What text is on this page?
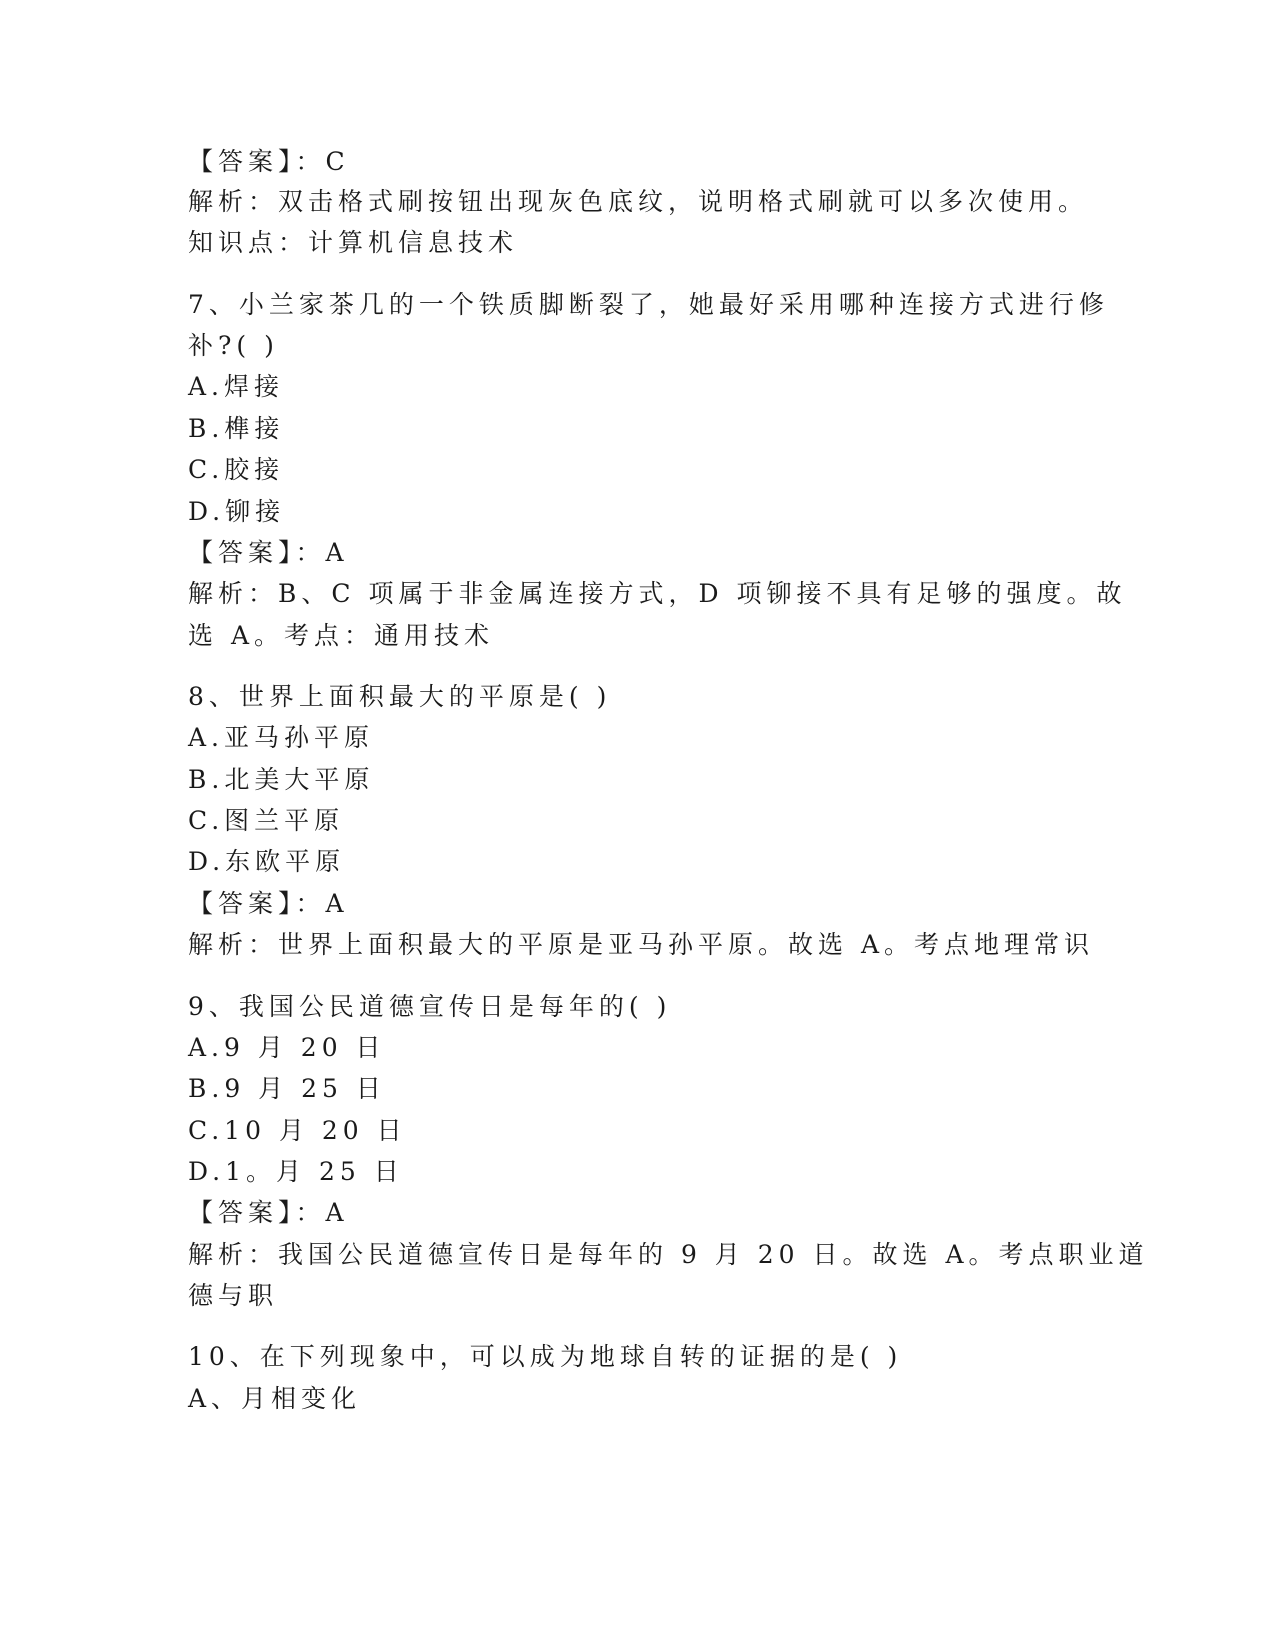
【答案】：C
解析：双击格式刷按钮出现灰色底纹，说明格式刷就可以多次使用。
知识点：计算机信息技术
7、小兰家茶几的一个铁质脚断裂了，她最好采用哪种连接方式进行修
补?( )
A.焊接
B.榫接
C.胶接
D.铆接
【答案】：A
解析：B、C 项属于非金属连接方式，D 项铆接不具有足够的强度。故
选 A。考点：通用技术
8、世界上面积最大的平原是( )
A.亚马孙平原
B.北美大平原
C.图兰平原
D.东欧平原
【答案】：A
解析：世界上面积最大的平原是亚马孙平原。故选 A。考点地理常识
9、我国公民道德宣传日是每年的( )
A.9 月 20 日
B.9 月 25 日
C.10 月 20 日
D.1。月 25 日
【答案】：A
解析：我国公民道德宣传日是每年的 9 月 20 日。故选 A。考点职业道
德与职
10、在下列现象中，可以成为地球自转的证据的是( )
A、月相变化
